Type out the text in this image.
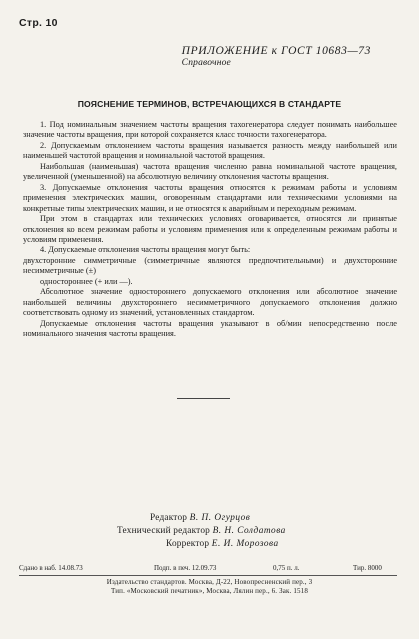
Стр. 10
ПРИЛОЖЕНИЕ к ГОСТ 10683—73
Справочное
ПОЯСНЕНИЕ ТЕРМИНОВ, ВСТРЕЧАЮЩИХСЯ В СТАНДАРТЕ

1. Под номинальным значением частоты вращения тахогенератора следует понимать наибольшее значение частоты вращения, при которой сохраняется класс точности тахогенератора.

2. Допускаемым отклонением частоты вращения называется разность между наибольшей или наименьшей частотой вращения и номинальной частотой вращения.

Наибольшая (наименьшая) частота вращения численно равна номинальной частоте вращения, увеличенной (уменьшенной) на абсолютную величину отклонения частоты вращения.

3. Допускаемые отклонения частоты вращения относятся к режимам работы и условиям применения электрических машин, оговоренным стандартами или техническими условиями на конкретные типы электрических машин, и не относятся к аварийным и переходным режимам.

При этом в стандартах или технических условиях оговаривается, относятся ли принятые отклонения ко всем режимам работы и условиям применения или к определенным режимам работы и условиям применения.

4. Допускаемые отклонения частоты вращения могут быть:

двухсторонние симметричные (симметричные являются предпочтительными) и двухсторонние несимметричные (±)

одностороннее (+ или —).

Абсолютное значение одностороннего допускаемого отклонения или абсолютное значение наибольшей величины двухстороннего несимметричного допускаемого отклонения должно соответствовать одному из значений, установленных стандартом.

Допускаемые отклонения частоты вращения указывают в об/мин непосредственно после номинального значения частоты вращения.

Редактор В. П. Огурцов
Технический редактор В. Н. Солдатова
Корректор Е. И. Морозова
Сдано в наб. 14.08.73	Подп. в печ. 12.09.73	0,75 п. л.	Тир. 8000
Издательство стандартов. Москва, Д-22, Новопресненский пер., 3
Тип. «Московский печатник», Москва, Лялин пер., 6. Зак. 1518
